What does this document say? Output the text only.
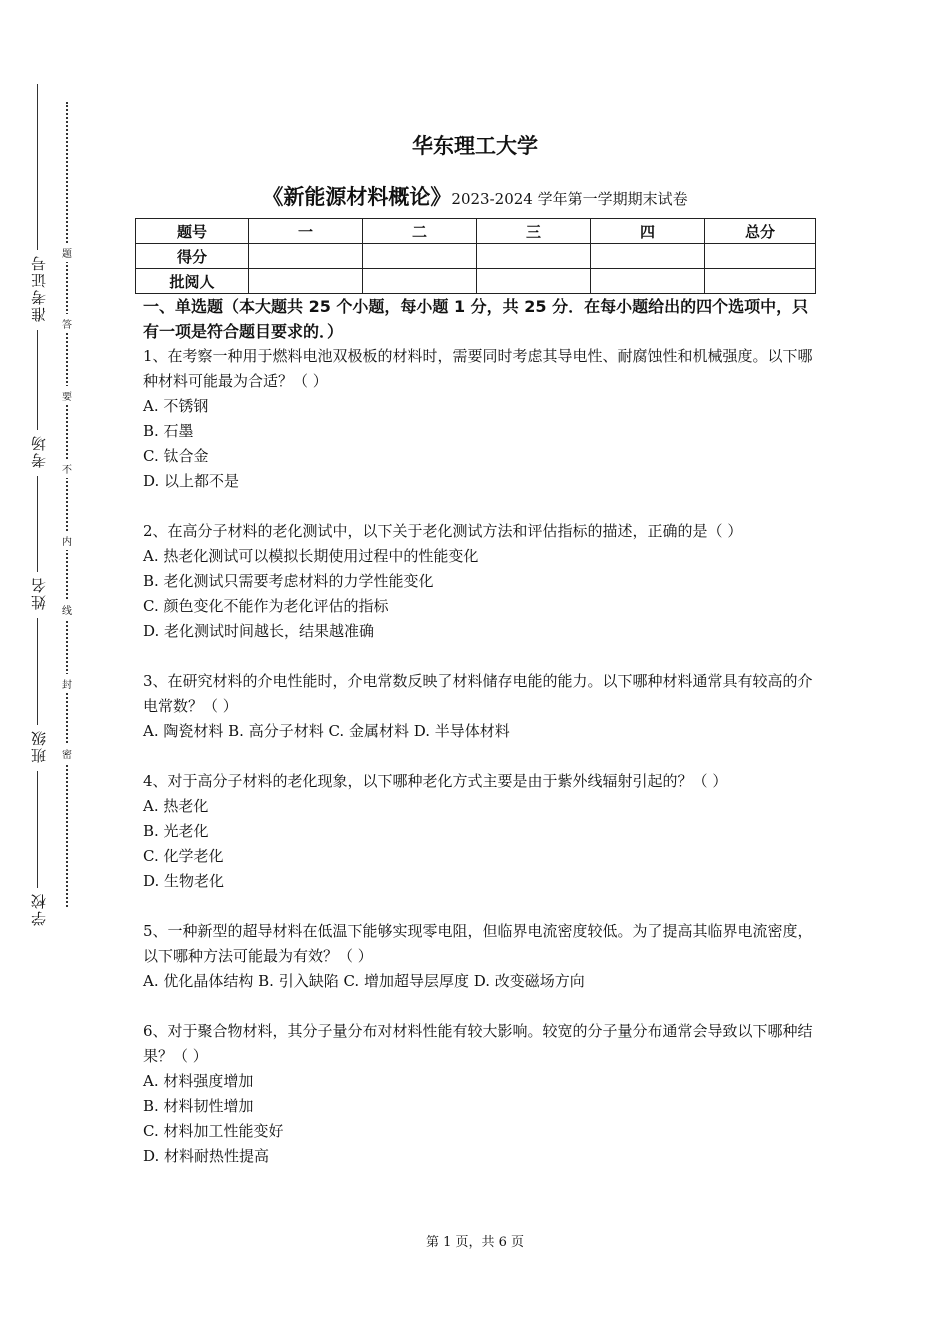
准考证号
考场
姓名
班级
学校
题
答
要
不
内
线
封
密
华东理工大学
《新能源材料概论》2023-2024 学年第一学期期末试卷
题号	一	二	三	四	总分
得分					
批阅人					
一、单选题（本大题共 25 个小题，每小题 1 分，共 25 分．在每小题给出的四个选项中，只有一项是符合题目要求的．）
1、在考察一种用于燃料电池双极板的材料时，需要同时考虑其导电性、耐腐蚀性和机械强度。以下哪种材料可能最为合适？（ ）
A. 不锈钢
B. 石墨
C. 钛合金
D. 以上都不是
2、在高分子材料的老化测试中，以下关于老化测试方法和评估指标的描述，正确的是（ ）
A. 热老化测试可以模拟长期使用过程中的性能变化
B. 老化测试只需要考虑材料的力学性能变化
C. 颜色变化不能作为老化评估的指标
D. 老化测试时间越长，结果越准确
3、在研究材料的介电性能时，介电常数反映了材料储存电能的能力。以下哪种材料通常具有较高的介电常数？（ ）
A. 陶瓷材料 B. 高分子材料 C. 金属材料 D. 半导体材料
4、对于高分子材料的老化现象，以下哪种老化方式主要是由于紫外线辐射引起的？（ ）
A. 热老化
B. 光老化
C. 化学老化
D. 生物老化
5、一种新型的超导材料在低温下能够实现零电阻，但临界电流密度较低。为了提高其临界电流密度，以下哪种方法可能最为有效？（ ）
A. 优化晶体结构 B. 引入缺陷 C. 增加超导层厚度 D. 改变磁场方向
6、对于聚合物材料，其分子量分布对材料性能有较大影响。较宽的分子量分布通常会导致以下哪种结果？（ ）
A. 材料强度增加
B. 材料韧性增加
C. 材料加工性能变好
D. 材料耐热性提高
第 1 页，共 6 页
